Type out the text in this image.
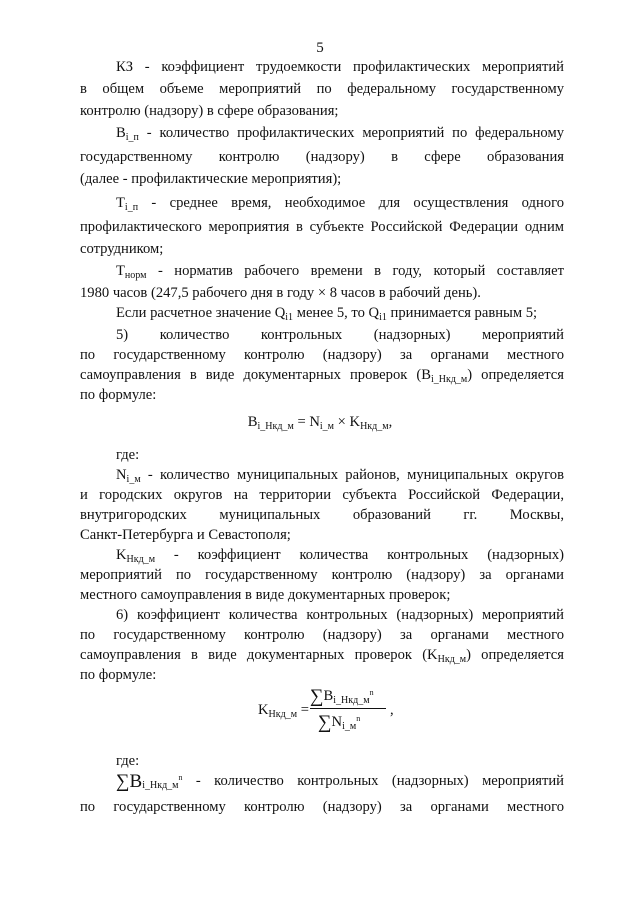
5
КЗ - коэффициент трудоемкости профилактических мероприятий
в общем объеме мероприятий по федеральному государственному
контролю (надзору) в сфере образования;
$B_{i\_п}$ - количество профилактических мероприятий по федеральному
государственному контролю (надзору) в сфере образования
(далее - профилактические мероприятия);
$T_{i\_п}$ - среднее время, необходимое для осуществления одного
профилактического мероприятия в субъекте Российской Федерации одним
сотрудником;
$T_{норм}$ - норматив рабочего времени в году, который составляет
1980 часов (247,5 рабочего дня в году × 8 часов в рабочий день).
Если расчетное значение $Q_{i1}$ менее 5, то $Q_{i1}$ принимается равным 5;
5) количество контрольных (надзорных) мероприятий
по государственному контролю (надзору) за органами местного
самоуправления в виде документарных проверок $(B_{i\_Нкд\_м})$ определяется
по формуле:
$B_{i\_Нкд\_м} = N_{i\_м} \times K_{Нкд\_м}$,
где:
$N_{i\_м}$ - количество муниципальных районов, муниципальных округов
и городских округов на территории субъекта Российской Федерации,
внутригородских муниципальных образований гг. Москвы,
Санкт-Петербурга и Севастополя;
$K_{Нкд\_м}$ - коэффициент количества контрольных (надзорных)
мероприятий по государственному контролю (надзору) за органами
местного самоуправления в виде документарных проверок;
6) коэффициент количества контрольных (надзорных) мероприятий
по государственному контролю (надзору) за органами местного
самоуправления в виде документарных проверок $(K_{Нкд\_м})$ определяется
по формуле:
$K_{Нкд\_м}$ =
$\sum B_{i\_Нкд\_м}^n$
$\sum N_{i\_м}^n$
,
где:
$\sum B_{i\_Нкд\_м}^n$ - количество контрольных (надзорных) мероприятий
по государственному контролю (надзору) за органами местного
